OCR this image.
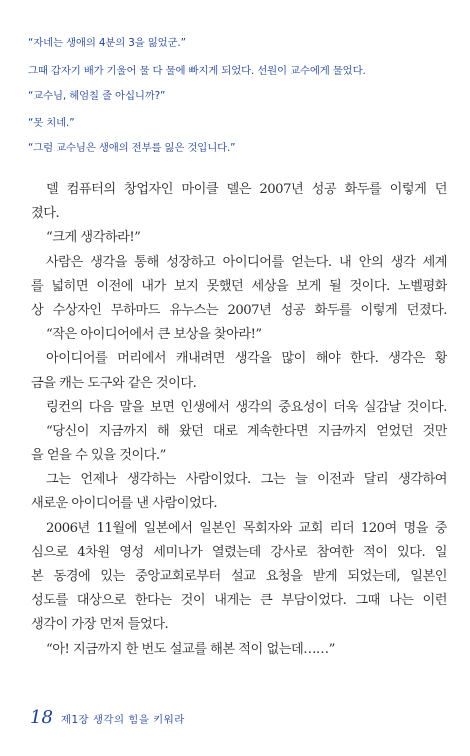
“자네는 생애의 4분의 3을 잃었군.”
그때 갑자기 배가 기울어 물 다 물에 빠지게 되었다. 선원이 교수에게 물었다.
“교수님, 헤엄칠 줄 아십니까?”
“못 치네.”
“그럼 교수님은 생애의 전부를 잃은 것입니다.”
델 컴퓨터의 창업자인 마이클 델은 2007년 성공 화두를 이렇게 던
졌다.
“크게 생각하라!”
사람은 생각을 통해 성장하고 아이디어를 얻는다. 내 안의 생각 세계
를 넓히면 이전에 내가 보지 못했던 세상을 보게 될 것이다. 노벨평화
상 수상자인 무하마드 유누스는 2007년 성공 화두를 이렇게 던졌다.
“작은 아이디어에서 큰 보상을 찾아라!”
아이디어를 머리에서 캐내려면 생각을 많이 해야 한다. 생각은 황
금을 캐는 도구와 같은 것이다.
링컨의 다음 말을 보면 인생에서 생각의 중요성이 더욱 실감날 것이다.
“당신이 지금까지 해 왔던 대로 계속한다면 지금까지 얻었던 것만
을 얻을 수 있을 것이다.”
그는 언제나 생각하는 사람이었다. 그는 늘 이전과 달리 생각하여
새로운 아이디어를 낸 사람이었다.
2006년 11월에 일본에서 일본인 목회자와 교회 리더 120여 명을 중
심으로 4차원 영성 세미나가 열렸는데 강사로 참여한 적이 있다. 일
본 동경에 있는 중앙교회로부터 설교 요청을 받게 되었는데, 일본인
성도를 대상으로 한다는 것이 내게는 큰 부담이었다. 그때 나는 이런
생각이 가장 먼저 들었다.
“아! 지금까지 한 번도 설교를 해본 적이 없는데……”
18 제1장 생각의 힘을 키워라
